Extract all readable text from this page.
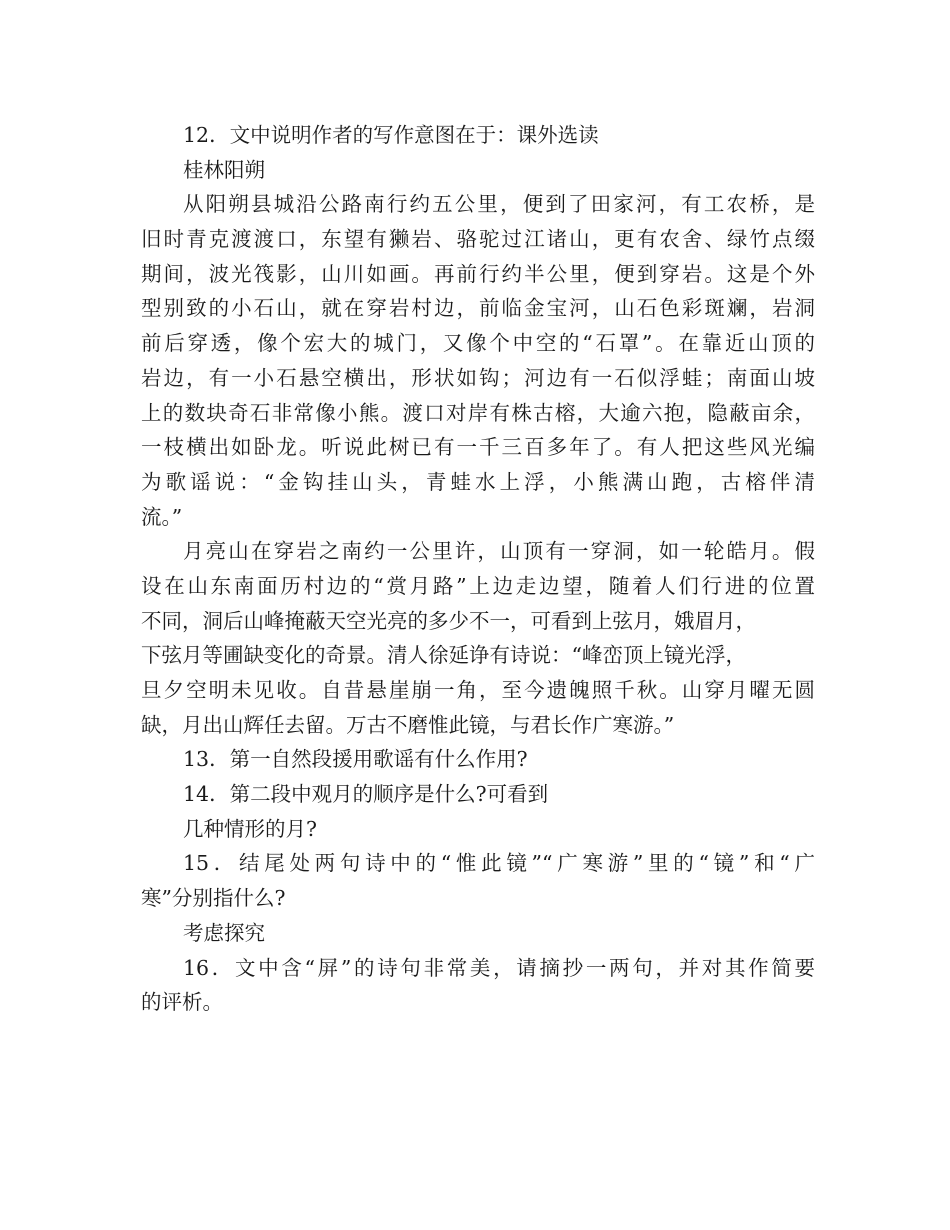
12．文中说明作者的写作意图在于：课外选读
桂林阳朔
从阳朔县城沿公路南行约五公里，便到了田家河，有工农桥，是
旧时青克渡渡口，东望有獭岩、骆驼过江诸山，更有农舍、绿竹点缀
期间，波光筏影，山川如画。再前行约半公里，便到穿岩。这是个外
型别致的小石山，就在穿岩村边，前临金宝河，山石色彩斑斓，岩洞
前后穿透，像个宏大的城门，又像个中空的“石罩”。在靠近山顶的
岩边，有一小石悬空横出，形状如钩；河边有一石似浮蛙；南面山坡
上的数块奇石非常像小熊。渡口对岸有株古榕，大逾六抱，隐蔽亩余，
一枝横出如卧龙。听说此树已有一千三百多年了。有人把这些风光编
为歌谣说：“金钩挂山头，青蛙水上浮，小熊满山跑，古榕伴清
流。”
月亮山在穿岩之南约一公里许，山顶有一穿洞，如一轮皓月。假
设在山东南面历村边的“赏月路”上边走边望，随着人们行进的位置
不同，洞后山峰掩蔽天空光亮的多少不一，可看到上弦月，娥眉月，
下弦月等圃缺变化的奇景。清人徐延诤有诗说：“峰峦顶上镜光浮，
旦夕空明未见收。自昔悬崖崩一角，至今遗魄照千秋。山穿月曜无圆
缺，月出山辉任去留。万古不磨惟此镜，与君长作广寒游。”
13．第一自然段援用歌谣有什么作用?
14．第二段中观月的顺序是什么?可看到
几种情形的月?
15．结尾处两句诗中的“惟此镜”“广寒游”里的“镜”和“广
寒”分别指什么?
考虑探究
16．文中含“屏”的诗句非常美，请摘抄一两句，并对其作简要
的评析。
